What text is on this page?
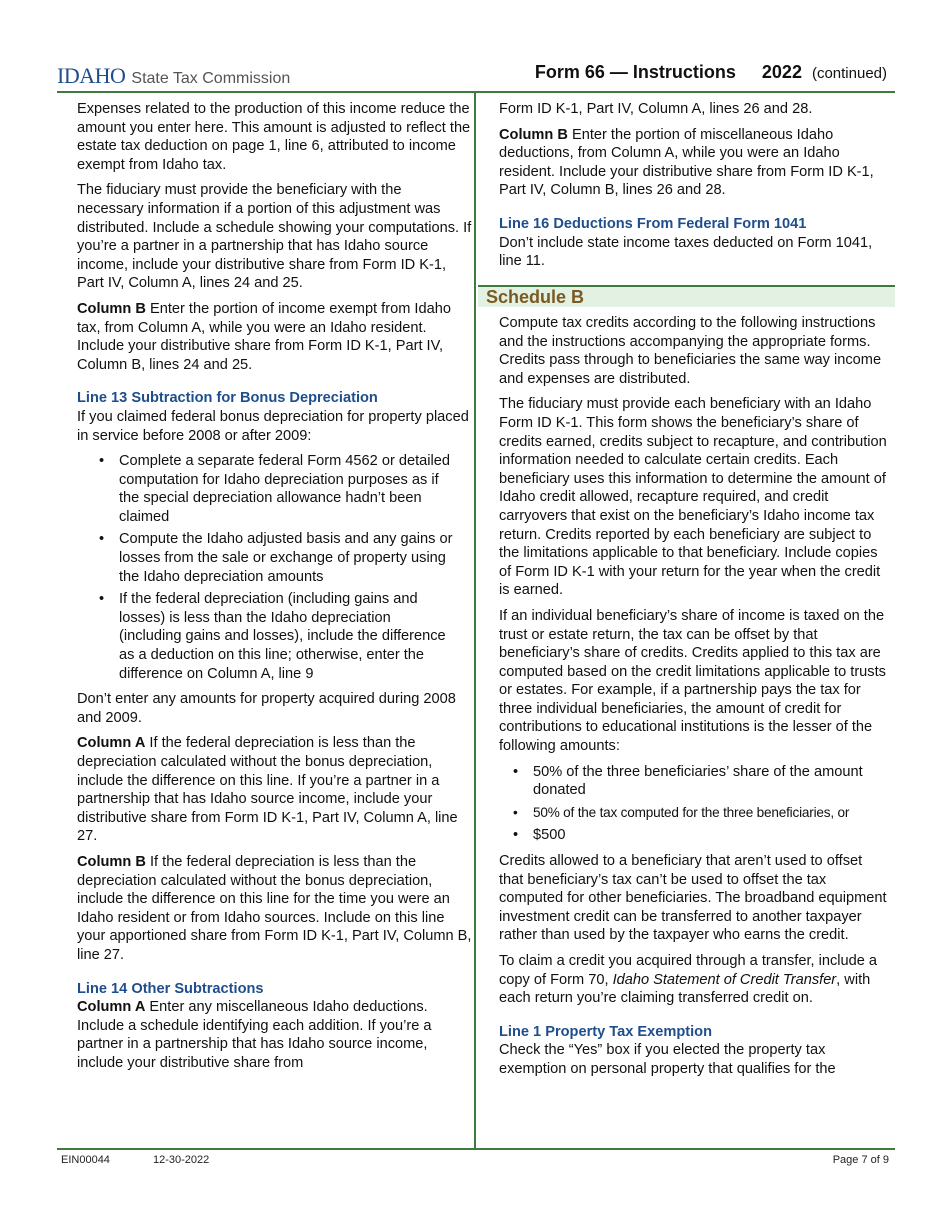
IDAHO State Tax Commission	Form 66 — Instructions 2022 (continued)

Expenses related to the production of this income reduce the amount you enter here. This amount is adjusted to reflect the estate tax deduction on page 1, line 6, attributed to income exempt from Idaho tax.

The fiduciary must provide the beneficiary with the necessary information if a portion of this adjustment was distributed. Include a schedule showing your computations. If you’re a partner in a partnership that has Idaho source income, include your distributive share from Form ID K-1, Part IV, Column A, lines 24 and 25.

Column B Enter the portion of income exempt from Idaho tax, from Column A, while you were an Idaho resident. Include your distributive share from Form ID K-1, Part IV, Column B, lines 24 and 25.

Line 13 Subtraction for Bonus Depreciation

If you claimed federal bonus depreciation for property placed in service before 2008 or after 2009:

• Complete a separate federal Form 4562 or detailed computation for Idaho depreciation purposes as if the special depreciation allowance hadn’t been claimed
• Compute the Idaho adjusted basis and any gains or losses from the sale or exchange of property using the Idaho depreciation amounts
• If the federal depreciation (including gains and losses) is less than the Idaho depreciation (including gains and losses), include the difference as a deduction on this line; otherwise, enter the difference on Column A, line 9

Don’t enter any amounts for property acquired during 2008 and 2009.

Column A If the federal depreciation is less than the depreciation calculated without the bonus depreciation, include the difference on this line. If you’re a partner in a partnership that has Idaho source income, include your distributive share from Form ID K-1, Part IV, Column A, line 27.

Column B If the federal depreciation is less than the depreciation calculated without the bonus depreciation, include the difference on this line for the time you were an Idaho resident or from Idaho sources. Include on this line your apportioned share from Form ID K-1, Part IV, Column B, line 27.

Line 14 Other Subtractions

Column A Enter any miscellaneous Idaho deductions. Include a schedule identifying each addition. If you’re a partner in a partnership that has Idaho source income, include your distributive share from

Form ID K-1, Part IV, Column A, lines 26 and 28.

Column B Enter the portion of miscellaneous Idaho deductions, from Column A, while you were an Idaho resident. Include your distributive share from Form ID K-1, Part IV, Column B, lines 26 and 28.

Line 16 Deductions From Federal Form 1041

Don’t include state income taxes deducted on Form 1041, line 11.

Schedule B

Compute tax credits according to the following instructions and the instructions accompanying the appropriate forms. Credits pass through to beneficiaries the same way income and expenses are distributed.

The fiduciary must provide each beneficiary with an Idaho Form ID K-1. This form shows the beneficiary’s share of credits earned, credits subject to recapture, and contribution information needed to calculate certain credits. Each beneficiary uses this information to determine the amount of Idaho credit allowed, recapture required, and credit carryovers that exist on the beneficiary’s Idaho income tax return. Credits reported by each beneficiary are subject to the limitations applicable to that beneficiary. Include copies of Form ID K-1 with your return for the year when the credit is earned.

If an individual beneficiary’s share of income is taxed on the trust or estate return, the tax can be offset by that beneficiary’s share of credits. Credits applied to this tax are computed based on the credit limitations applicable to trusts or estates. For example, if a partnership pays the tax for three individual beneficiaries, the amount of credit for contributions to educational institutions is the lesser of the following amounts:

• 50% of the three beneficiaries’ share of the amount donated
• 50% of the tax computed for the three beneficiaries, or
• $500

Credits allowed to a beneficiary that aren’t used to offset that beneficiary’s tax can’t be used to offset the tax computed for other beneficiaries. The broadband equipment investment credit can be transferred to another taxpayer rather than used by the taxpayer who earns the credit.

To claim a credit you acquired through a transfer, include a copy of Form 70, Idaho Statement of Credit Transfer, with each return you’re claiming transferred credit on.

Line 1 Property Tax Exemption

Check the “Yes” box if you elected the property tax exemption on personal property that qualifies for the

EIN00044	12-30-2022	Page 7 of 9
